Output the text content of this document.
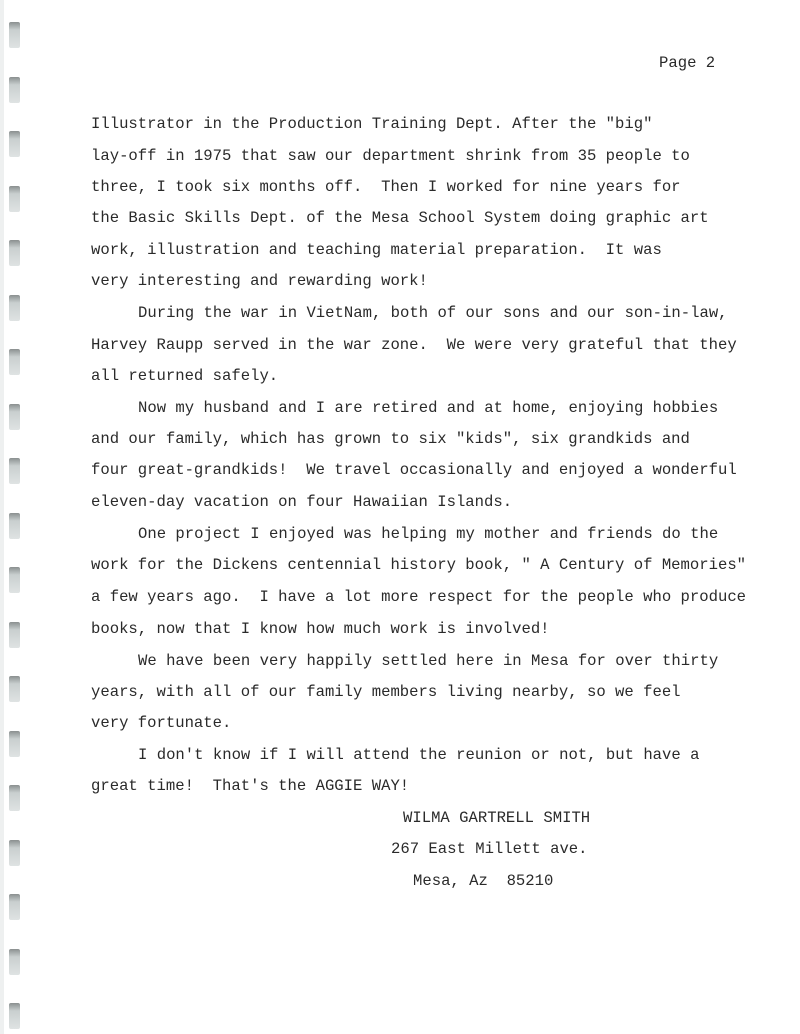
Page 2
Illustrator in the Production Training Dept. After the "big"
lay-off in 1975 that saw our department shrink from 35 people to
three, I took six months off.  Then I worked for nine years for
the Basic Skills Dept. of the Mesa School System doing graphic art
work, illustration and teaching material preparation.  It was
very interesting and rewarding work!
During the war in VietNam, both of our sons and our son-in-law,
Harvey Raupp served in the war zone.  We were very grateful that they
all returned safely.
Now my husband and I are retired and at home, enjoying hobbies
and our family, which has grown to six "kids", six grandkids and
four great-grandkids!  We travel occasionally and enjoyed a wonderful
eleven-day vacation on four Hawaiian Islands.
One project I enjoyed was helping my mother and friends do the
work for the Dickens centennial history book, " A Century of Memories"
a few years ago.  I have a lot more respect for the people who produce
books, now that I know how much work is involved!
We have been very happily settled here in Mesa for over thirty
years, with all of our family members living nearby, so we feel
very fortunate.
I don't know if I will attend the reunion or not, but have a
great time!  That's the AGGIE WAY!
WILMA GARTRELL SMITH
267 East Millett ave.
Mesa, Az  85210
